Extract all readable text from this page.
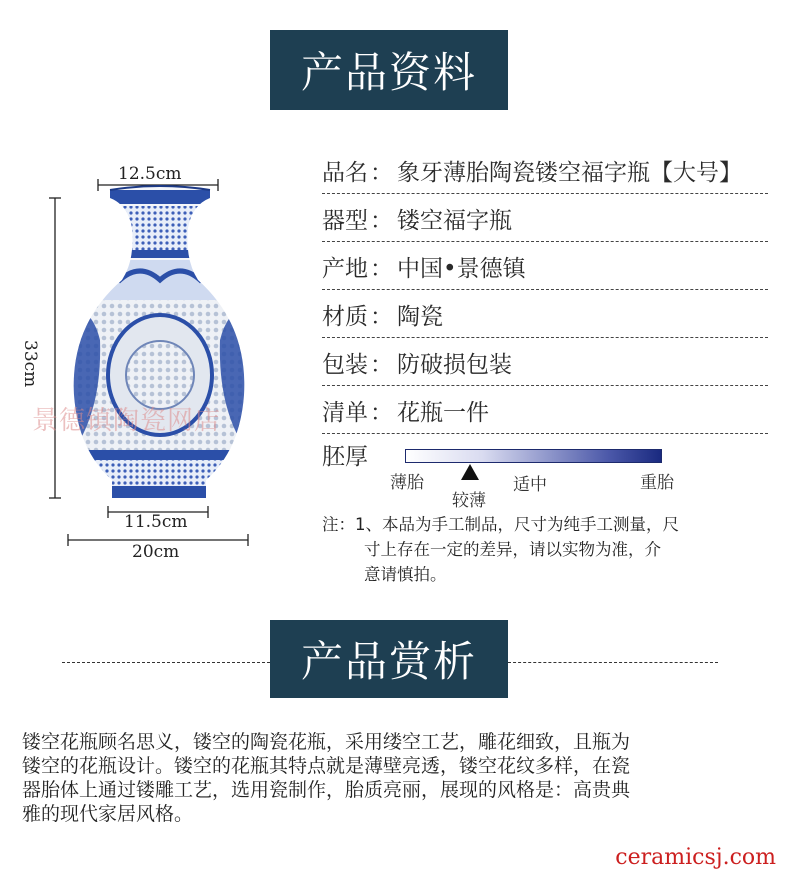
产品资料
12.5cm
33cm
11.5cm
20cm
景德镇陶瓷网店
品名 ： 象牙薄胎陶瓷镂空福字瓶【大号】
器型 ： 镂空福字瓶
产地 ： 中国•景德镇
材质 ： 陶瓷
包装 ： 防破损包装
清单 ： 花瓶一件
胚厚
薄胎
较薄
适中	重胎
注：1、本品为手工制品，尺寸为纯手工测量，尺
寸上存在一定的差异，请以实物为准，介
意请慎拍。
产品赏析
镂空花瓶顾名思义，镂空的陶瓷花瓶，采用缕空工艺，雕花细致，且瓶为
镂空的花瓶设计。镂空的花瓶其特点就是薄壁亮透，镂空花纹多样，在瓷
器胎体上通过镂雕工艺，选用瓷制作，胎质亮丽，展现的风格是：高贵典
雅的现代家居风格。
ceramicsj.com
